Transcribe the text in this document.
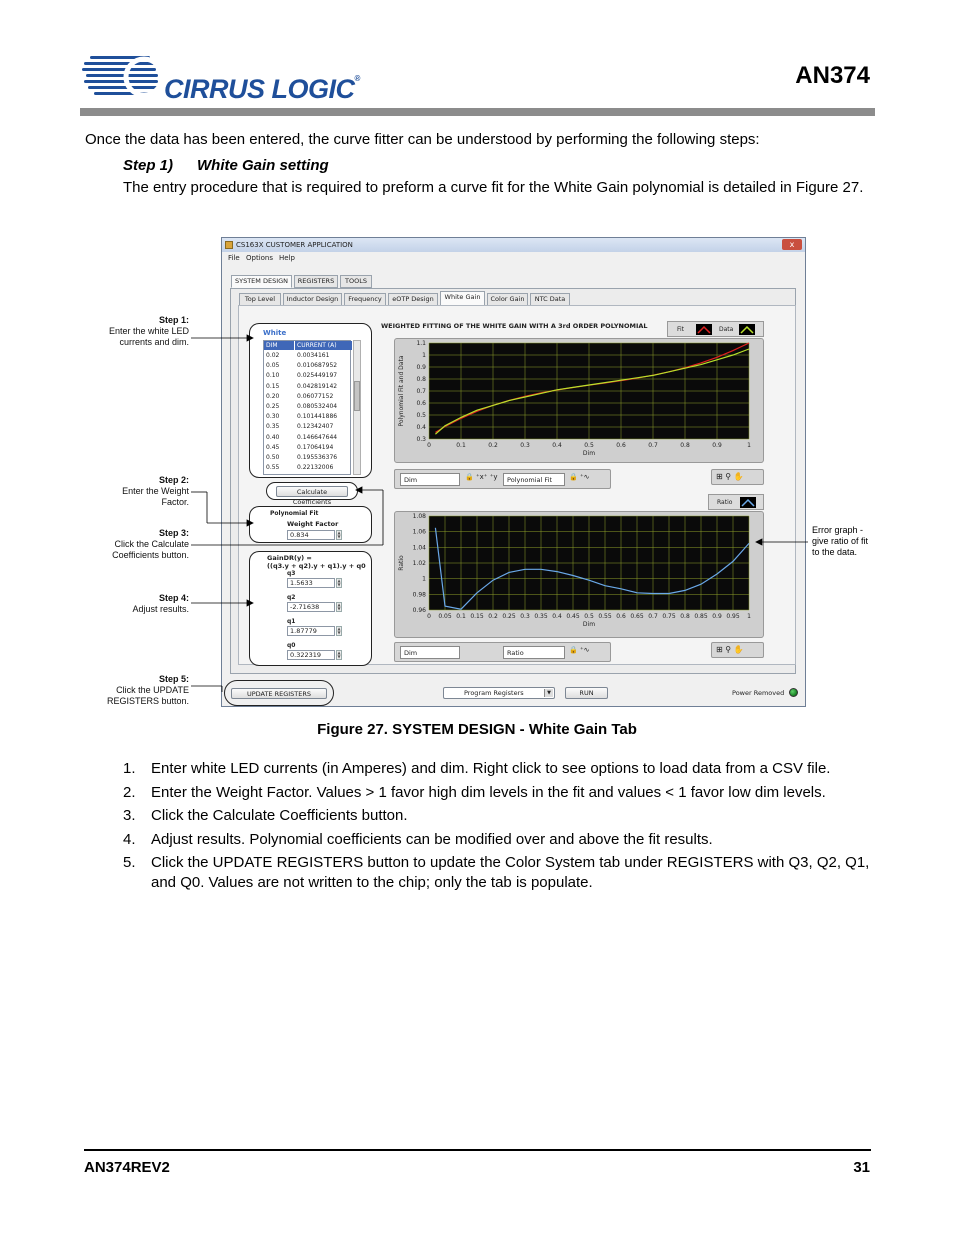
CIRRUS LOGIC®	AN374
Once the data has been entered, the curve fitter can be understood by performing the following steps:
Step 1) White Gain setting
The entry procedure that is required to preform a curve fit for the White Gain polynomial is detailed in Figure 27.
CS163X CUSTOMER APPLICATION	x
File Options Help
SYSTEM DESIGN	REGISTERS	TOOLS
Top Level	Inductor Design	Frequency	eOTP Design	White Gain	Color Gain	NTC Data
White
DIM	CURRENT (A)
0.02	0.0034161
0.05	0.010687952
0.10	0.025449197
0.15	0.042819142
0.20	0.06077152
0.25	0.080532404
0.30	0.101441886
0.35	0.12342407
0.40	0.146647644
0.45	0.17064194
0.50	0.195536376
0.55	0.22132006
Calculate Coefficients
Polynomial Fit
Weight Factor
0.834	▲
▼
GainDR(y) =
((q3.y + q2).y + q1).y + q0
q3
1.5633	▲
▼
q2
-2.71638	▲
▼
q1
1.87779	▲
▼
q0
0.322319	▲
▼
WEIGHTED FITTING OF THE WHITE GAIN WITH A 3rd ORDER POLYNOMIAL	Fit	Data
0	0.1	0.2	0.3	0.4	0.5	0.6	0.7	0.8	0.9	1
0.3
0.4
0.5
0.6
0.7
0.8
0.9
1
1.1
Dim
Polynomial Fit and Data
Dim	🔒 ⁺x⁺ ⁺y	Polynomial Fit	🔒 ⁺∿	⊞ ⚲ ✋
Ratio
0 0.05 0.1 0.15 0.2 0.25 0.3 0.35 0.4 0.45 0.5 0.55 0.6 0.65 0.7 0.75 0.8 0.85 0.9 0.95 1
0.96
0.98
1
1.02
1.04
1.06
1.08
Dim
Ratio
Dim	Ratio	🔒 ⁺∿	⊞ ⚲ ✋
UPDATE REGISTERS	Program Registers	▼	RUN	Power Removed
Step 1:
Enter the white LED currents and dim.
Step 2:
Enter the Weight Factor.
Step 3:
Click the Calculate Coefficients button.
Step 4:
Adjust results.
Step 5:
Click the UPDATE REGISTERS button.
Error graph - give ratio of fit to the data.
Figure 27. SYSTEM DESIGN - White Gain Tab
1. Enter white LED currents (in Amperes) and dim. Right click to see options to load data from a CSV file.
2. Enter the Weight Factor. Values > 1 favor high dim levels in the fit and values < 1 favor low dim levels.
3. Click the Calculate Coefficients button.
4. Adjust results. Polynomial coefficients can be modified over and above the fit results.
5. Click the UPDATE REGISTERS button to update the Color System tab under REGISTERS with Q3, Q2, Q1, and Q0. Values are not written to the chip; only the tab is populate.
AN374REV2	31
